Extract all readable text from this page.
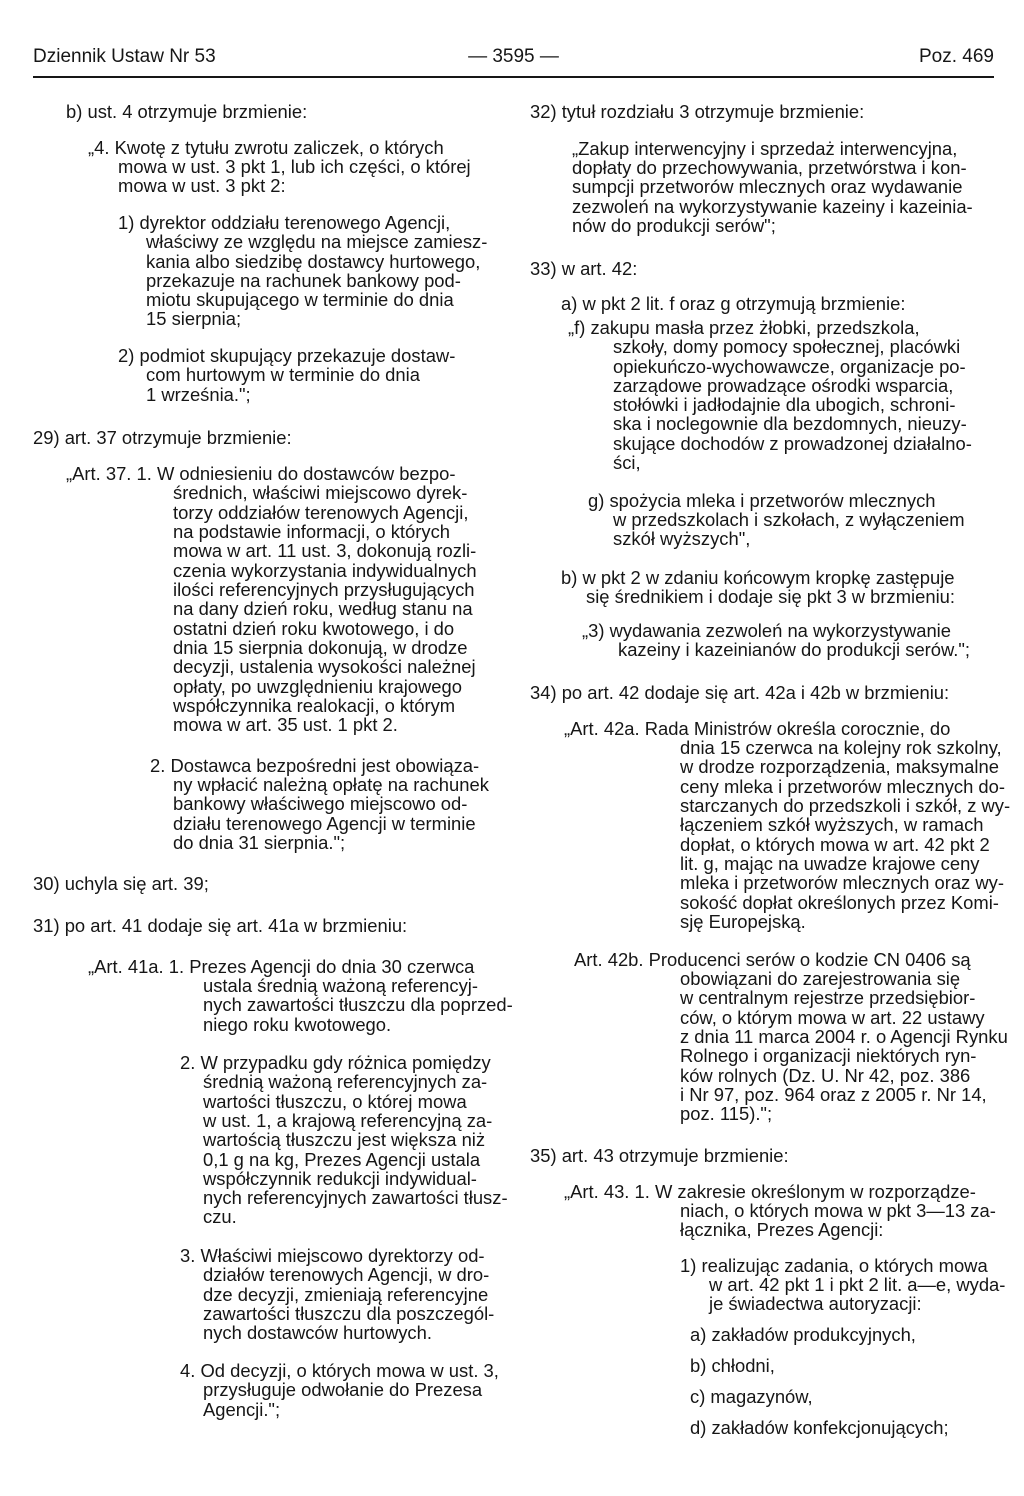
Dziennik Ustaw Nr 53	— 3595 —	Poz. 469
b) ust. 4 otrzymuje brzmienie:
„4. Kwotę z tytułu zwrotu zaliczek, o których
mowa w ust. 3 pkt 1, lub ich części, o której
mowa w ust. 3 pkt 2:
1) dyrektor oddziału terenowego Agencji,
właściwy ze względu na miejsce zamiesz-
kania albo siedzibę dostawcy hurtowego,
przekazuje na rachunek bankowy pod-
miotu skupującego w terminie do dnia
15 sierpnia;
2) podmiot skupujący przekazuje dostaw-
com hurtowym w terminie do dnia
1 września.";
29) art. 37 otrzymuje brzmienie:
„Art. 37. 1. W odniesieniu do dostawców bezpo-
średnich, właściwi miejscowo dyrek-
torzy oddziałów terenowych Agencji,
na podstawie informacji, o których
mowa w art. 11 ust. 3, dokonują rozli-
czenia wykorzystania indywidualnych
ilości referencyjnych przysługujących
na dany dzień roku, według stanu na
ostatni dzień roku kwotowego, i do
dnia 15 sierpnia dokonują, w drodze
decyzji, ustalenia wysokości należnej
opłaty, po uwzględnieniu krajowego
współczynnika realokacji, o którym
mowa w art. 35 ust. 1 pkt 2.
2. Dostawca bezpośredni jest obowiąza-
ny wpłacić należną opłatę na rachunek
bankowy właściwego miejscowo od-
działu terenowego Agencji w terminie
do dnia 31 sierpnia.";
30) uchyla się art. 39;
31) po art. 41 dodaje się art. 41a w brzmieniu:
„Art. 41a. 1. Prezes Agencji do dnia 30 czerwca
ustala średnią ważoną referencyj-
nych zawartości tłuszczu dla poprzed-
niego roku kwotowego.
2. W przypadku gdy różnica pomiędzy
średnią ważoną referencyjnych za-
wartości tłuszczu, o której mowa
w ust. 1, a krajową referencyjną za-
wartością tłuszczu jest większa niż
0,1 g na kg, Prezes Agencji ustala
współczynnik redukcji indywidual-
nych referencyjnych zawartości tłusz-
czu.
3. Właściwi miejscowo dyrektorzy od-
działów terenowych Agencji, w dro-
dze decyzji, zmieniają referencyjne
zawartości tłuszczu dla poszczegól-
nych dostawców hurtowych.
4. Od decyzji, o których mowa w ust. 3,
przysługuje odwołanie do Prezesa
Agencji.";
32) tytuł rozdziału 3 otrzymuje brzmienie:
„Zakup interwencyjny i sprzedaż interwencyjna,
dopłaty do przechowywania, przetwórstwa i kon-
sumpcji przetworów mlecznych oraz wydawanie
zezwoleń na wykorzystywanie kazeiny i kazeinia-
nów do produkcji serów";
33) w art. 42:
a) w pkt 2 lit. f oraz g otrzymują brzmienie:
„f) zakupu masła przez żłobki, przedszkola,
szkoły, domy pomocy społecznej, placówki
opiekuńczo-wychowawcze, organizacje po-
zarządowe prowadzące ośrodki wsparcia,
stołówki i jadłodajnie dla ubogich, schroni-
ska i noclegownie dla bezdomnych, nieuzy-
skujące dochodów z prowadzonej działalno-
ści,
g) spożycia mleka i przetworów mlecznych
w przedszkolach i szkołach, z wyłączeniem
szkół wyższych",
b) w pkt 2 w zdaniu końcowym kropkę zastępuje
się średnikiem i dodaje się pkt 3 w brzmieniu:
„3) wydawania zezwoleń na wykorzystywanie
kazeiny i kazeinianów do produkcji serów.";
34) po art. 42 dodaje się art. 42a i 42b w brzmieniu:
„Art. 42a. Rada Ministrów określa corocznie, do
dnia 15 czerwca na kolejny rok szkolny,
w drodze rozporządzenia, maksymalne
ceny mleka i przetworów mlecznych do-
starczanych do przedszkoli i szkół, z wy-
łączeniem szkół wyższych, w ramach
dopłat, o których mowa w art. 42 pkt 2
lit. g, mając na uwadze krajowe ceny
mleka i przetworów mlecznych oraz wy-
sokość dopłat określonych przez Komi-
sję Europejską.
Art. 42b. Producenci serów o kodzie CN 0406 są
obowiązani do zarejestrowania się
w centralnym rejestrze przedsiębior-
ców, o którym mowa w art. 22 ustawy
z dnia 11 marca 2004 r. o Agencji Rynku
Rolnego i organizacji niektórych ryn-
ków rolnych (Dz. U. Nr 42, poz. 386
i Nr 97, poz. 964 oraz z 2005 r. Nr 14,
poz. 115).";
35) art. 43 otrzymuje brzmienie:
„Art. 43. 1. W zakresie określonym w rozporządze-
niach, o których mowa w pkt 3—13 za-
łącznika, Prezes Agencji:
1) realizując zadania, o których mowa
w art. 42 pkt 1 i pkt 2 lit. a—e, wyda-
je świadectwa autoryzacji:
a) zakładów produkcyjnych,
b) chłodni,
c) magazynów,
d) zakładów konfekcjonujących;
